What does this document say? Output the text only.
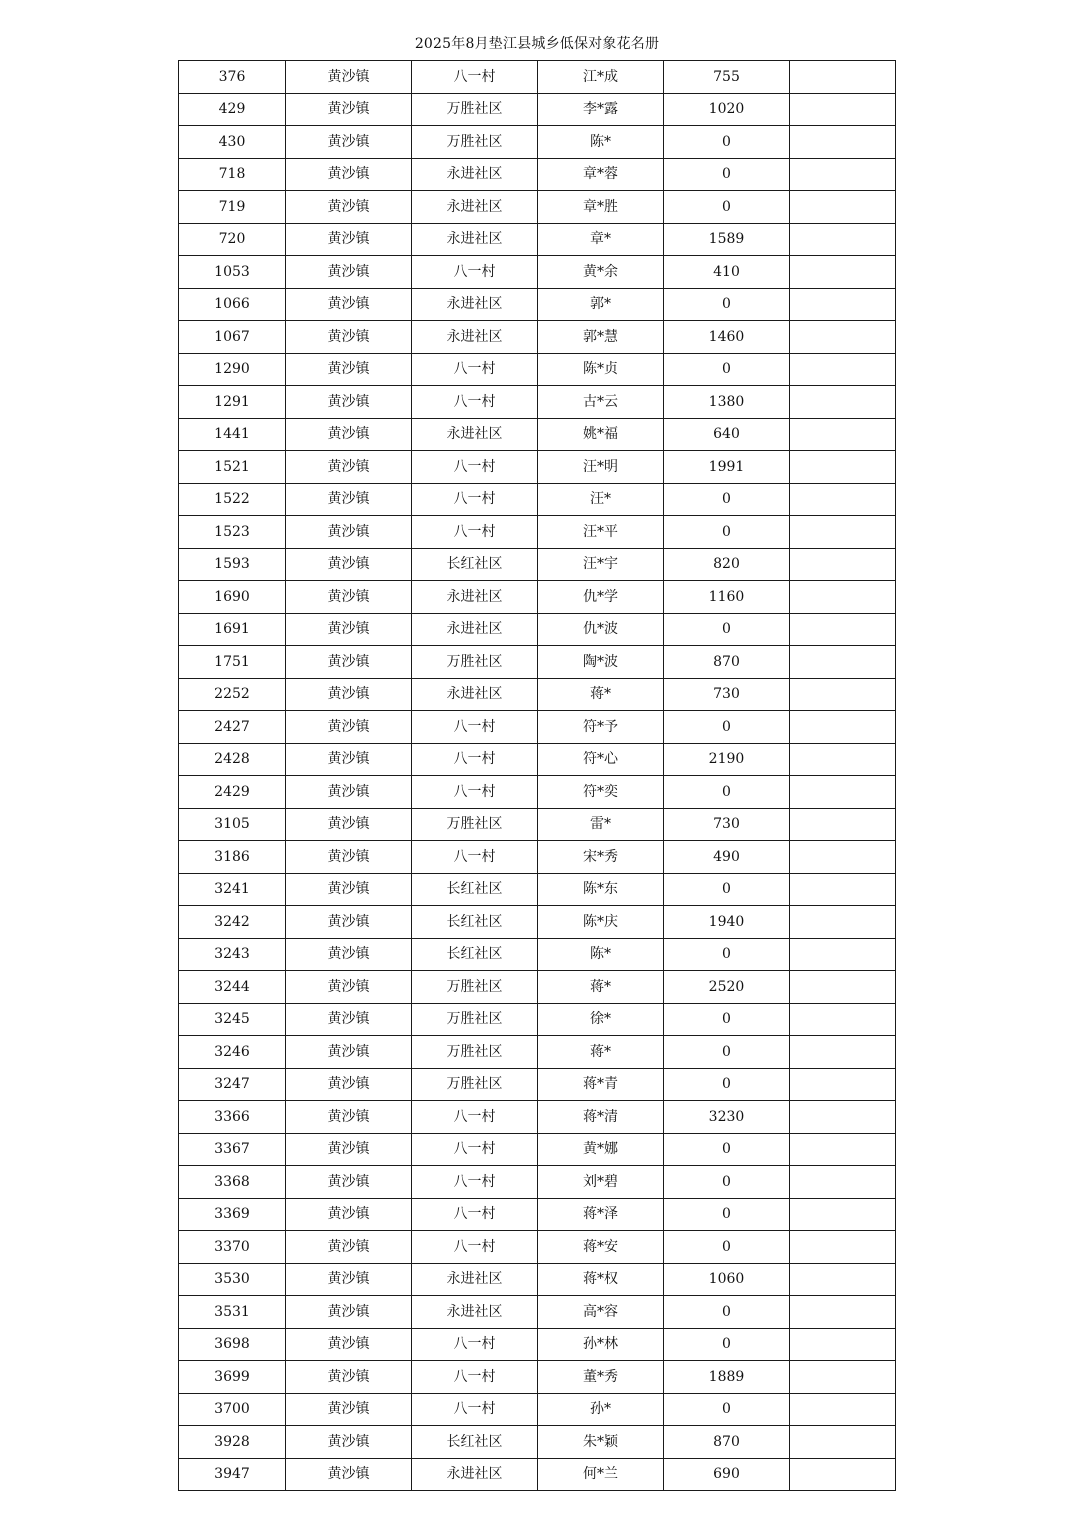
2025年8月垫江县城乡低保对象花名册
376	黄沙镇	八一村	江*成	755	
429	黄沙镇	万胜社区	李*露	1020	
430	黄沙镇	万胜社区	陈*	0	
718	黄沙镇	永进社区	章*蓉	0	
719	黄沙镇	永进社区	章*胜	0	
720	黄沙镇	永进社区	章*	1589	
1053	黄沙镇	八一村	黄*余	410	
1066	黄沙镇	永进社区	郭*	0	
1067	黄沙镇	永进社区	郭*慧	1460	
1290	黄沙镇	八一村	陈*贞	0	
1291	黄沙镇	八一村	古*云	1380	
1441	黄沙镇	永进社区	姚*福	640	
1521	黄沙镇	八一村	汪*明	1991	
1522	黄沙镇	八一村	汪*	0	
1523	黄沙镇	八一村	汪*平	0	
1593	黄沙镇	长红社区	汪*宇	820	
1690	黄沙镇	永进社区	仇*学	1160	
1691	黄沙镇	永进社区	仇*波	0	
1751	黄沙镇	万胜社区	陶*波	870	
2252	黄沙镇	永进社区	蒋*	730	
2427	黄沙镇	八一村	符*予	0	
2428	黄沙镇	八一村	符*心	2190	
2429	黄沙镇	八一村	符*奕	0	
3105	黄沙镇	万胜社区	雷*	730	
3186	黄沙镇	八一村	宋*秀	490	
3241	黄沙镇	长红社区	陈*东	0	
3242	黄沙镇	长红社区	陈*庆	1940	
3243	黄沙镇	长红社区	陈*	0	
3244	黄沙镇	万胜社区	蒋*	2520	
3245	黄沙镇	万胜社区	徐*	0	
3246	黄沙镇	万胜社区	蒋*	0	
3247	黄沙镇	万胜社区	蒋*青	0	
3366	黄沙镇	八一村	蒋*清	3230	
3367	黄沙镇	八一村	黄*娜	0	
3368	黄沙镇	八一村	刘*碧	0	
3369	黄沙镇	八一村	蒋*泽	0	
3370	黄沙镇	八一村	蒋*安	0	
3530	黄沙镇	永进社区	蒋*权	1060	
3531	黄沙镇	永进社区	高*容	0	
3698	黄沙镇	八一村	孙*林	0	
3699	黄沙镇	八一村	董*秀	1889	
3700	黄沙镇	八一村	孙*	0	
3928	黄沙镇	长红社区	朱*颖	870	
3947	黄沙镇	永进社区	何*兰	690	
